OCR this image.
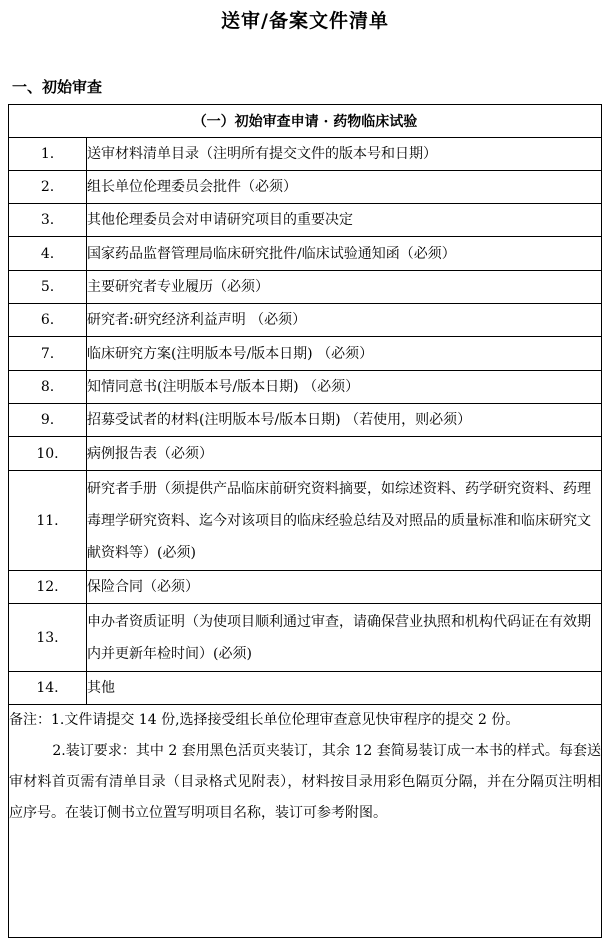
送审/备案文件清单
一、初始审查
（一）初始审查申请 · 药物临床试验	
1.	送审材料清单目录（注明所有提交文件的版本号和日期）
2.	组长单位伦理委员会批件（必须）
3.	其他伦理委员会对申请研究项目的重要决定
4.	国家药品监督管理局临床研究批件/临床试验通知函（必须）
5.	主要研究者专业履历（必须）
6.	研究者:研究经济利益声明 （必须）
7.	临床研究方案(注明版本号/版本日期) （必须）
8.	知情同意书(注明版本号/版本日期) （必须）
9.	招募受试者的材料(注明版本号/版本日期) （若使用，则必须）
10.	病例报告表（必须）
11.	研究者手册（须提供产品临床前研究资料摘要，如综述资料、药学研究资料、药理毒理学研究资料、迄今对该项目的临床经验总结及对照品的质量标准和临床研究文献资料等）(必须)
12.	保险合同（必须）
13.	申办者资质证明（为使项目顺利通过审查，请确保营业执照和机构代码证在有效期内并更新年检时间）(必须)
14.	其他

备注：1.文件请提交 14 份,选择接受组长单位伦理审查意见快审程序的提交 2 份。

2.装订要求：其中 2 套用黑色活页夹装订，其余 12 套简易装订成一本书的样式。每套送审材料首页需有清单目录（目录格式见附表），材料按目录用彩色隔页分隔，并在分隔页注明相应序号。在装订侧书立位置写明项目名称，装订可参考附图。	
